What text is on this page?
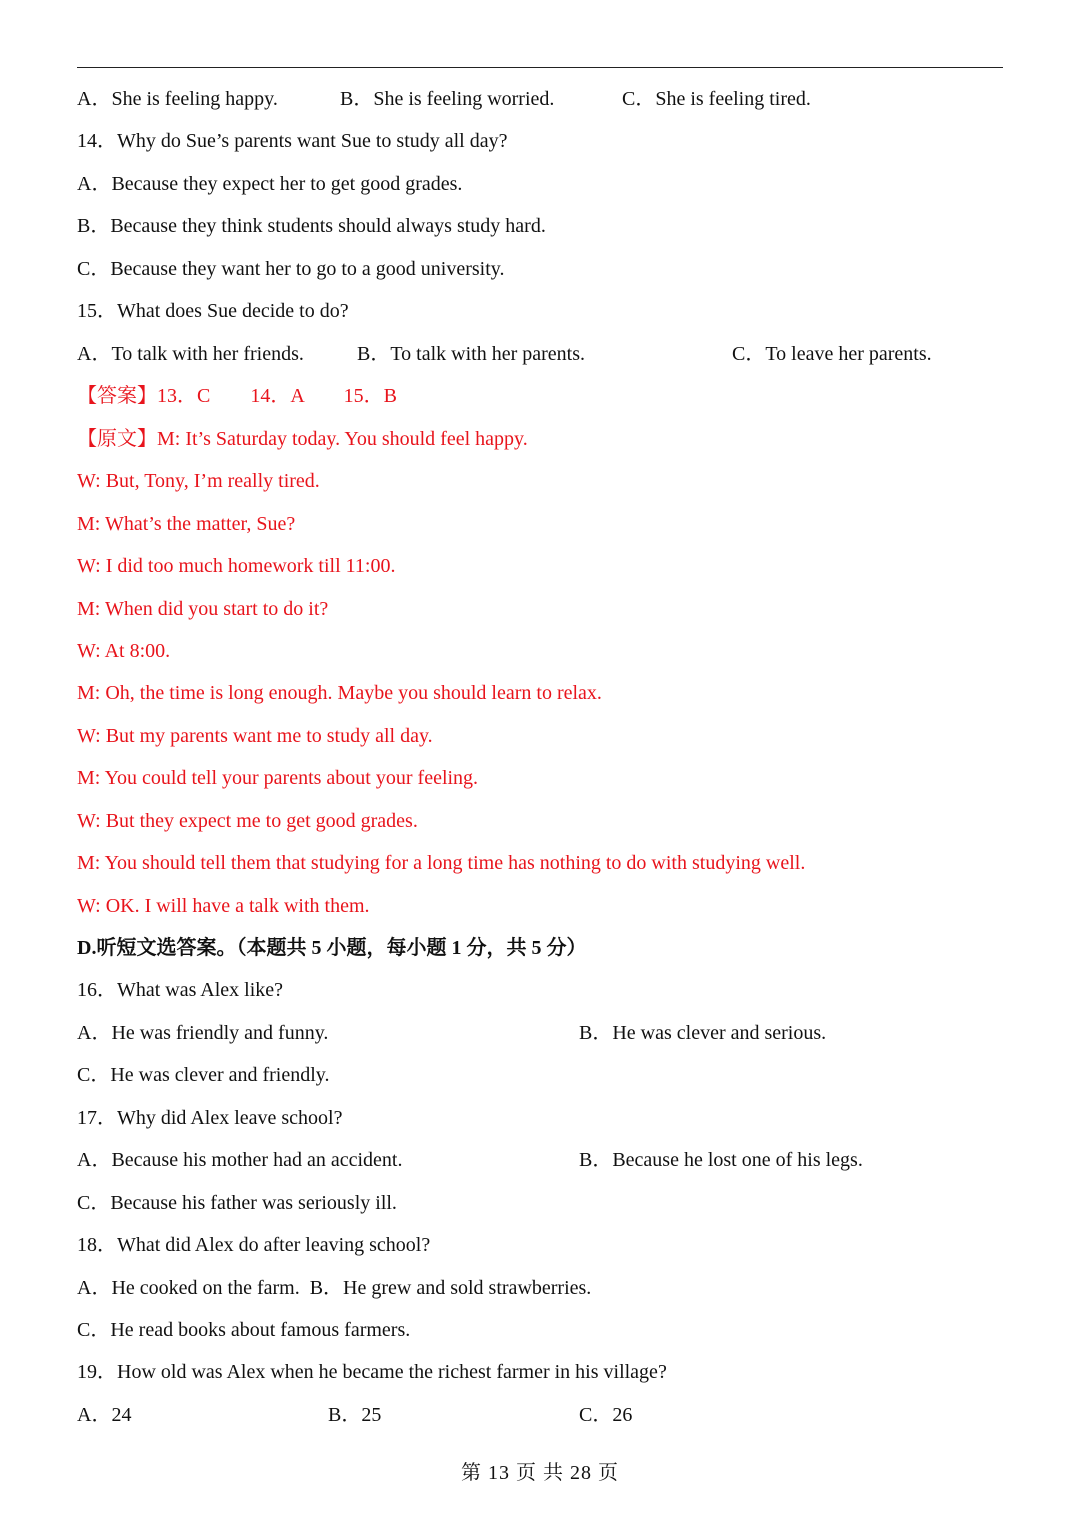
A．She is feeling happy.	B．She is feeling worried.	C．She is feeling tired.
14．Why do Sue’s parents want Sue to study all day?
A．Because they expect her to get good grades.
B．Because they think students should always study hard.
C．Because they want her to go to a good university.
15．What does Sue decide to do?
A．To talk with her friends.	B．To talk with her parents.	C．To leave her parents.
【答案】13．C　　14．A　　15．B
【原文】M: It’s Saturday today. You should feel happy.
W: But, Tony, I’m really tired.
M: What’s the matter, Sue?
W: I did too much homework till 11:00.
M: When did you start to do it?
W: At 8:00.
M: Oh, the time is long enough. Maybe you should learn to relax.
W: But my parents want me to study all day.
M: You could tell your parents about your feeling.
W: But they expect me to get good grades.
M: You should tell them that studying for a long time has nothing to do with studying well.
W: OK. I will have a talk with them.
D.听短文选答案。（本题共 5 小题，每小题 1 分，共 5 分）
16．What was Alex like?
A．He was friendly and funny.	B．He was clever and serious.
C．He was clever and friendly.
17．Why did Alex leave school?
A．Because his mother had an accident.	B．Because he lost one of his legs.
C．Because his father was seriously ill.
18．What did Alex do after leaving school?
A．He cooked on the farm.  B．He grew and sold strawberries.
C．He read books about famous farmers.
19．How old was Alex when he became the richest farmer in his village?
A．24	B．25	C．26
第 13 页 共 28 页
